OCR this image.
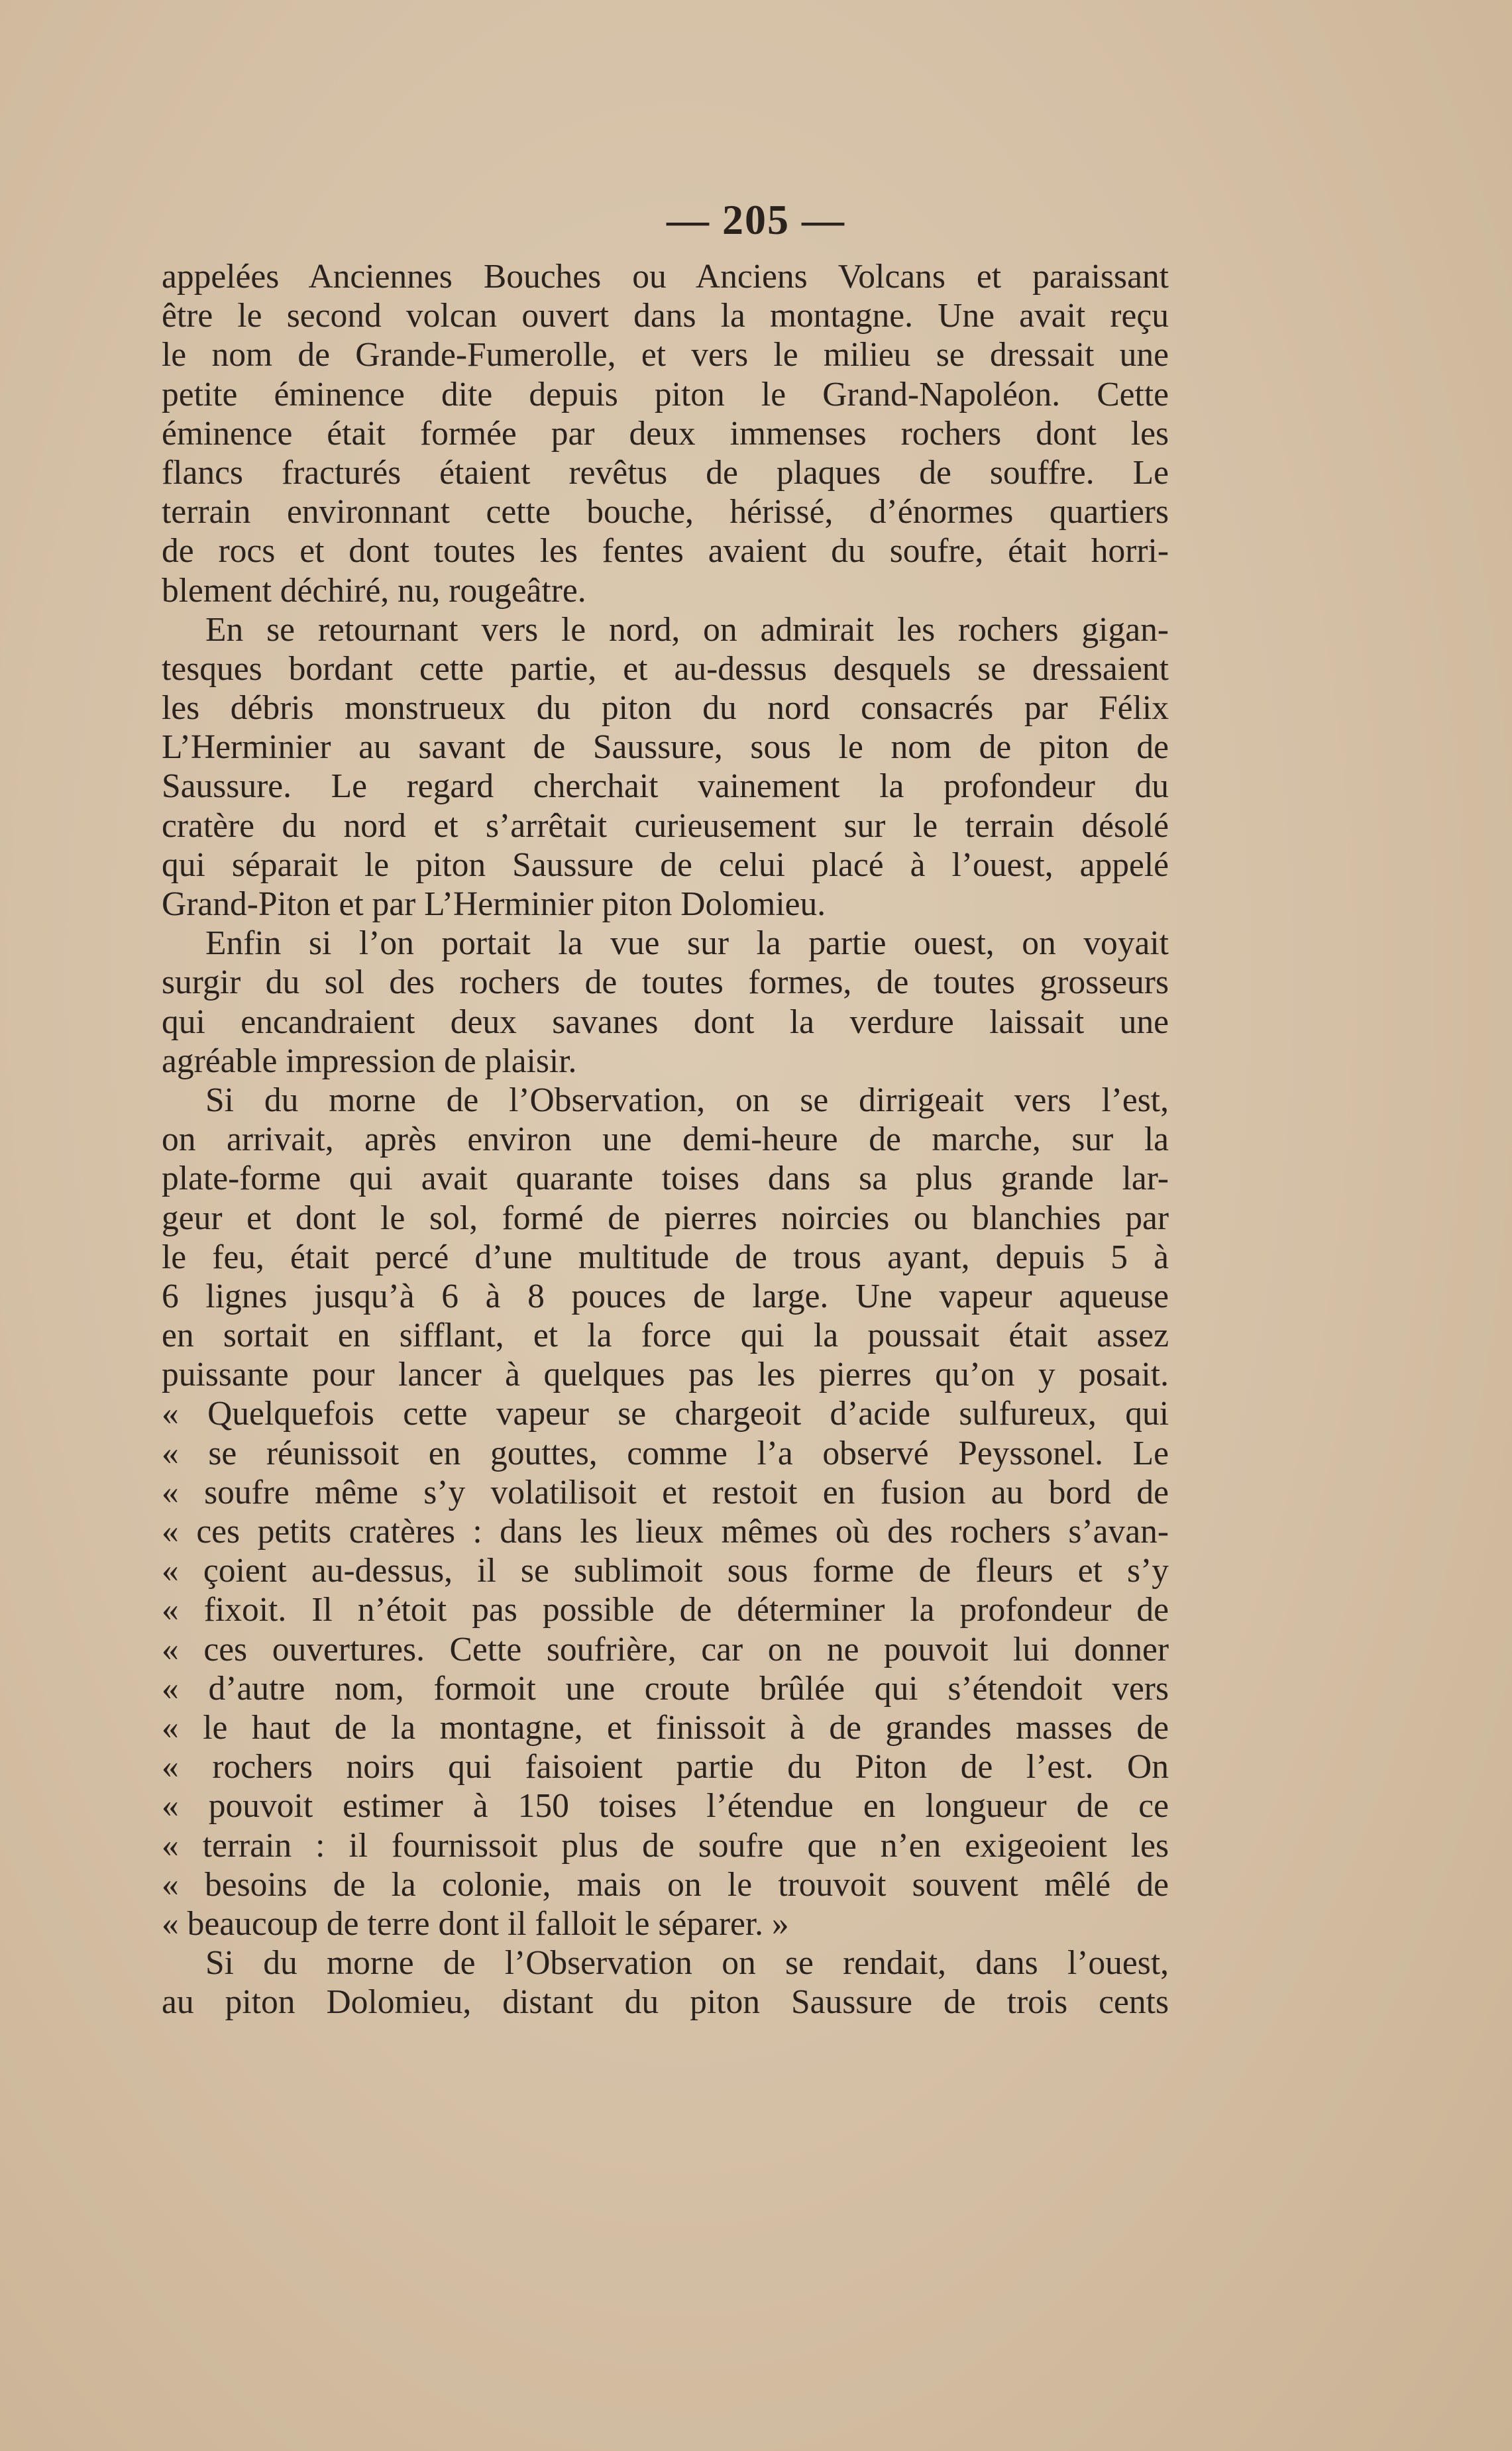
— 205 —
appelées Anciennes Bouches ou Anciens Volcans et paraissant
être le second volcan ouvert dans la montagne. Une avait reçu
le nom de Grande-Fumerolle, et vers le milieu se dressait une
petite éminence dite depuis piton le Grand-Napoléon. Cette
éminence était formée par deux immenses rochers dont les
flancs fracturés étaient revêtus de plaques de souffre. Le
terrain environnant cette bouche, hérissé, d’énormes quartiers
de rocs et dont toutes les fentes avaient du soufre, était horri-
blement déchiré, nu, rougeâtre.
En se retournant vers le nord, on admirait les rochers gigan-
tesques bordant cette partie, et au-dessus desquels se dressaient
les débris monstrueux du piton du nord consacrés par Félix
L’Herminier au savant de Saussure, sous le nom de piton de
Saussure. Le regard cherchait vainement la profondeur du
cratère du nord et s’arrêtait curieusement sur le terrain désolé
qui séparait le piton Saussure de celui placé à l’ouest, appelé
Grand-Piton et par L’Herminier piton Dolomieu.
Enfin si l’on portait la vue sur la partie ouest, on voyait
surgir du sol des rochers de toutes formes, de toutes grosseurs
qui encandraient deux savanes dont la verdure laissait une
agréable impression de plaisir.
Si du morne de l’Observation, on se dirrigeait vers l’est,
on arrivait, après environ une demi-heure de marche, sur la
plate-forme qui avait quarante toises dans sa plus grande lar-
geur et dont le sol, formé de pierres noircies ou blanchies par
le feu, était percé d’une multitude de trous ayant, depuis 5 à
6 lignes jusqu’à 6 à 8 pouces de large. Une vapeur aqueuse
en sortait en sifflant, et la force qui la poussait était assez
puissante pour lancer à quelques pas les pierres qu’on y posait.
« Quelquefois cette vapeur se chargeoit d’acide sulfureux, qui
« se réunissoit en gouttes, comme l’a observé Peyssonel. Le
« soufre même s’y volatilisoit et restoit en fusion au bord de
« ces petits cratères : dans les lieux mêmes où des rochers s’avan-
« çoient au-dessus, il se sublimoit sous forme de fleurs et s’y
« fixoit. Il n’étoit pas possible de déterminer la profondeur de
« ces ouvertures. Cette soufrière, car on ne pouvoit lui donner
« d’autre nom, formoit une croute brûlée qui s’étendoit vers
« le haut de la montagne, et finissoit à de grandes masses de
« rochers noirs qui faisoient partie du Piton de l’est. On
« pouvoit estimer à 150 toises l’étendue en longueur de ce
« terrain : il fournissoit plus de soufre que n’en exigeoient les
« besoins de la colonie, mais on le trouvoit souvent mêlé de
« beaucoup de terre dont il falloit le séparer. »
Si du morne de l’Observation on se rendait, dans l’ouest,
au piton Dolomieu, distant du piton Saussure de trois cents
